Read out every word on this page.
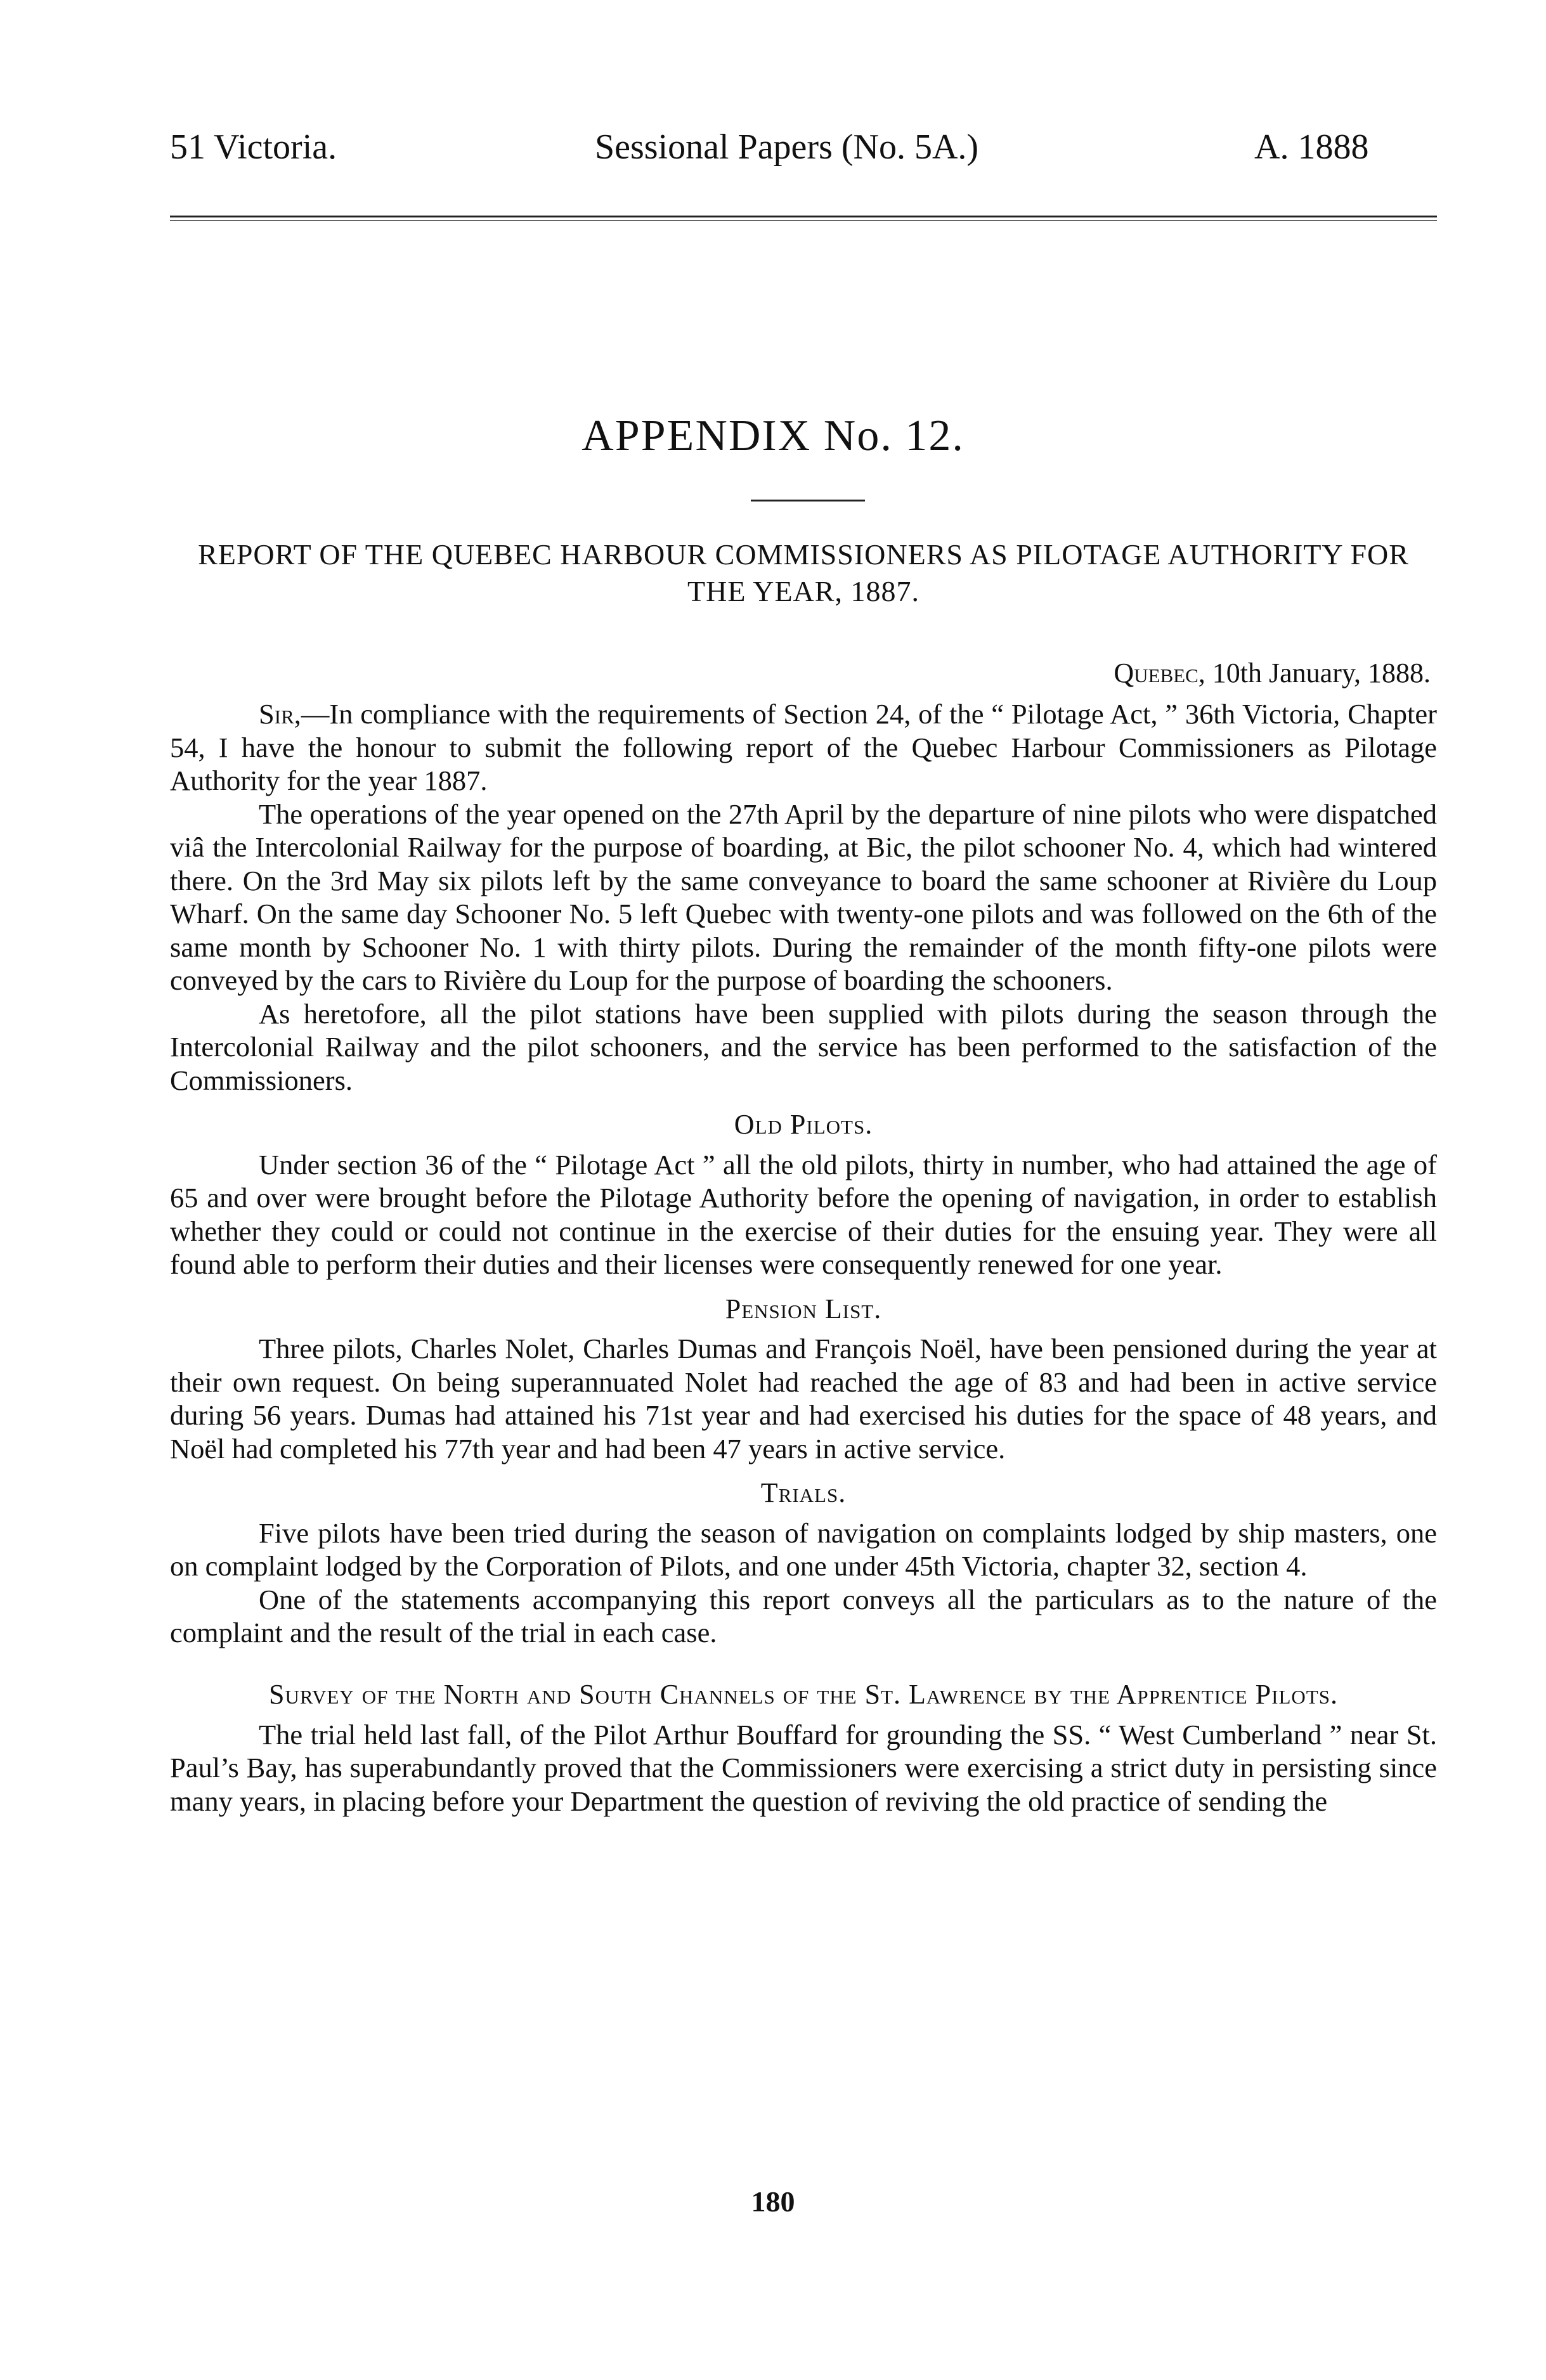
51 Victoria.	Sessional Papers (No. 5A.)	A. 1888
APPENDIX No. 12.
REPORT OF THE QUEBEC HARBOUR COMMISSIONERS AS PILOTAGE AUTHORITY FOR THE YEAR, 1887.
Quebec, 10th January, 1888.

Sir,—In compliance with the requirements of Section 24, of the “ Pilotage Act, ” 36th Victoria, Chapter 54, I have the honour to submit the following report of the Quebec Harbour Commissioners as Pilotage Authority for the year 1887.

The operations of the year opened on the 27th April by the departure of nine pilots who were dispatched viâ the Intercolonial Railway for the purpose of boarding, at Bic, the pilot schooner No. 4, which had wintered there. On the 3rd May six pilots left by the same conveyance to board the same schooner at Rivière du Loup Wharf. On the same day Schooner No. 5 left Quebec with twenty-one pilots and was followed on the 6th of the same month by Schooner No. 1 with thirty pilots. During the remainder of the month fifty-one pilots were conveyed by the cars to Rivière du Loup for the purpose of boarding the schooners.

As heretofore, all the pilot stations have been supplied with pilots during the season through the Intercolonial Railway and the pilot schooners, and the service has been performed to the satisfaction of the Commissioners.

Old Pilots.

Under section 36 of the “ Pilotage Act ” all the old pilots, thirty in number, who had attained the age of 65 and over were brought before the Pilotage Authority before the opening of navigation, in order to establish whether they could or could not continue in the exercise of their duties for the ensuing year. They were all found able to perform their duties and their licenses were consequently renewed for one year.

Pension List.

Three pilots, Charles Nolet, Charles Dumas and François Noël, have been pensioned during the year at their own request. On being superannuated Nolet had reached the age of 83 and had been in active service during 56 years. Dumas had attained his 71st year and had exercised his duties for the space of 48 years, and Noël had completed his 77th year and had been 47 years in active service.

Trials.

Five pilots have been tried during the season of navigation on complaints lodged by ship masters, one on complaint lodged by the Corporation of Pilots, and one under 45th Victoria, chapter 32, section 4.

One of the statements accompanying this report conveys all the particulars as to the nature of the complaint and the result of the trial in each case.

Survey of the North and South Channels of the St. Lawrence by the Apprentice Pilots.

The trial held last fall, of the Pilot Arthur Bouffard for grounding the SS. “ West Cumberland ” near St. Paul’s Bay, has superabundantly proved that the Commissioners were exercising a strict duty in persisting since many years, in placing before your Department the question of reviving the old practice of sending the

180
